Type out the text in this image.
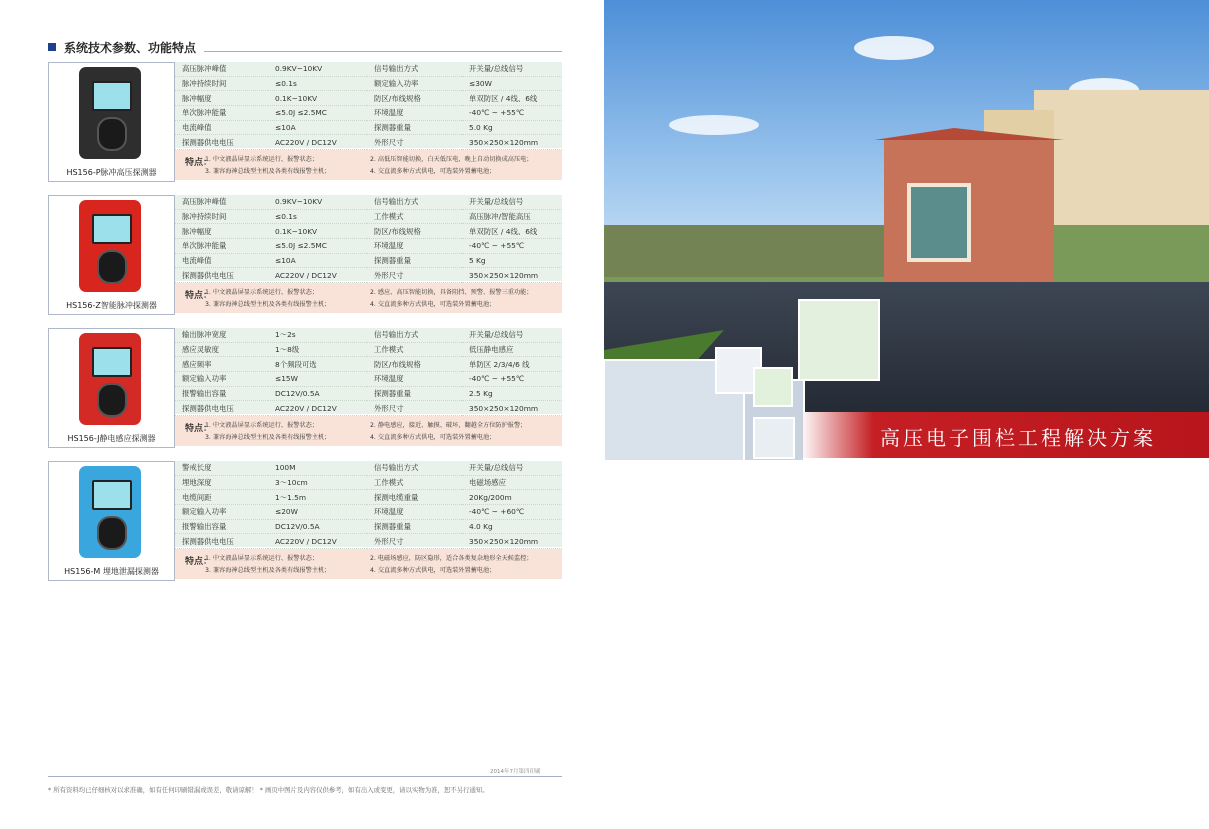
系统技术参数、功能特点
HS156-P脉冲高压探测器
高压脉冲峰值	0.9KV~10KV	信号输出方式	开关量/总线信号
脉冲持续时间	≤0.1s	额定输入功率	≤30W
脉冲幅度	0.1K~10KV	防区/布线规格	单双防区 / 4线、6线
单次脉冲能量	≤5.0J ≤2.5MC	环境温度	-40℃ ~ +55℃
电流峰值	≤10A	探测器重量	5.0 Kg
探测器供电电压	AC220V / DC12V	外形尺寸	350×250×120mm
特点：
1. 中文液晶屏显示系统运行、报警状态；	2. 高低压智能切换，白天低压电，晚上自动切换成高压电；
3. 兼容海神总线型主机及各类有线报警主机；	4. 交直流多种方式供电，可选装外置蓄电池；
HS156-Z智能脉冲探测器
高压脉冲峰值	0.9KV~10KV	信号输出方式	开关量/总线信号
脉冲持续时间	≤0.1s	工作模式	高压脉冲/智能高压
脉冲幅度	0.1K~10KV	防区/布线规格	单双防区 / 4线、6线
单次脉冲能量	≤5.0J ≤2.5MC	环境温度	-40℃ ~ +55℃
电流峰值	≤10A	探测器重量	5 Kg
探测器供电电压	AC220V / DC12V	外形尺寸	350×250×120mm
特点：
1. 中文液晶屏显示系统运行、报警状态；	2. 感应、高压智能切换，具备阻挡、预警、报警三重功能；
3. 兼容海神总线型主机及各类有线报警主机；	4. 交直流多种方式供电，可选装外置蓄电池；
HS156-J静电感应探测器
输出脉冲宽度	1～2s	信号输出方式	开关量/总线信号
感应灵敏度	1～8级	工作模式	低压静电感应
感应频率	8个频段可选	防区/布线规格	单防区 2/3/4/6 线
额定输入功率	≤15W	环境温度	-40℃ ~ +55℃
报警输出容量	DC12V/0.5A	探测器重量	2.5 Kg
探测器供电电压	AC220V / DC12V	外形尺寸	350×250×120mm
特点：
1. 中文液晶屏显示系统运行、报警状态；	2. 静电感应，接近、触摸、破坏，翻越全方位防护报警；
3. 兼容海神总线型主机及各类有线报警主机；	4. 交直流多种方式供电，可选装外置蓄电池；
HS156-M 埋地泄漏探测器
警戒长度	100M	信号输出方式	开关量/总线信号
埋地深度	3～10cm	工作模式	电磁场感应
电缆间距	1～1.5m	探测电缆重量	20Kg/200m
额定输入功率	≤20W	环境温度	-40℃ ~ +60℃
报警输出容量	DC12V/0.5A	探测器重量	4.0 Kg
探测器供电电压	AC220V / DC12V	外形尺寸	350×250×120mm
特点：
1. 中文液晶屏显示系统运行、报警状态；	2. 电磁场感应，防区隐形，适合各类复杂地形全天候监控；
3. 兼容海神总线型主机及各类有线报警主机；	4. 交直流多种方式供电，可选装外置蓄电池；
2014年7月第四印刷
* 所有资料均已仔细核对以求准确，如有任何印刷错漏或误差，敬请谅解！ * 画页中图片及内容仅供参考，如有出入或变更，请以实物为准，恕不另行通知。
高压电子围栏工程解决方案
